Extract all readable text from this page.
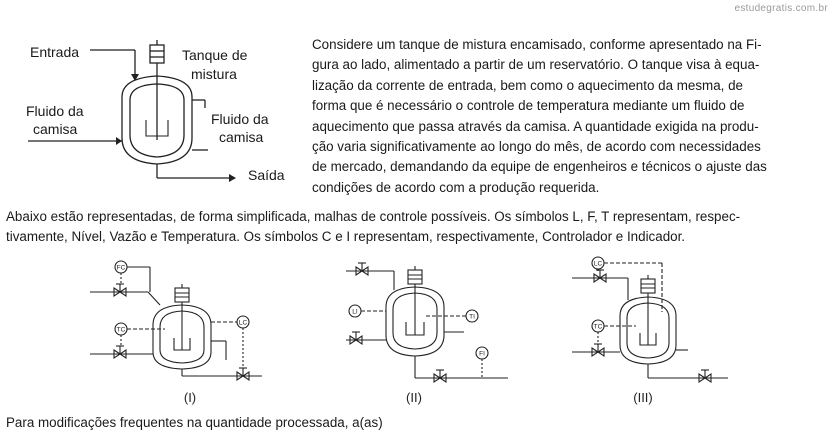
estudegratis.com.br
Entrada	Tanque de
mistura
Fluido da
camisa
Fluido da
camisa
Saída
Considere um tanque de mistura encamisado, conforme apresentado na Fi-
gura ao lado, alimentado a partir de um reservatório. O tanque visa à equa-
lização da corrente de entrada, bem como o aquecimento da mesma, de
forma que é necessário o controle de temperatura mediante um fluido de
aquecimento que passa através da camisa. A quantidade exigida na produ-
ção varia significativamente ao longo do mês, de acordo com necessidades
de mercado, demandando da equipe de engenheiros e técnicos o ajuste das
condições de acordo com a produção requerida.
Abaixo estão representadas, de forma simplificada, malhas de controle possíveis. Os símbolos L, F, T representam, respec-
tivamente, Nível, Vazão e Temperatura. Os símbolos C e I representam, respectivamente, Controlador e Indicador.
FC
TC
LC
(I)
LI
TI
FI
(II)
LC
TC
(III)
Para modificações frequentes na quantidade processada, a(as)
